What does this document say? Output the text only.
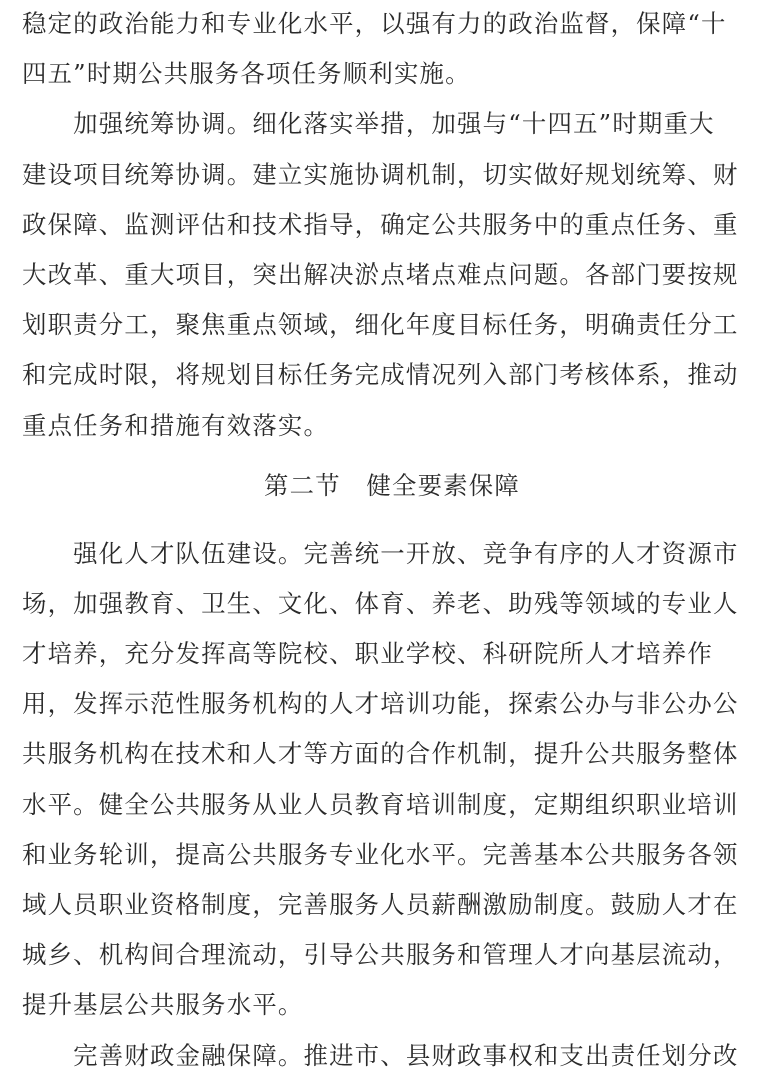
稳定的政治能力和专业化水平，以强有力的政治监督，保障“十
四五”时期公共服务各项任务顺利实施。
　　加强统筹协调。细化落实举措，加强与“十四五”时期重大
建设项目统筹协调。建立实施协调机制，切实做好规划统筹、财
政保障、监测评估和技术指导，确定公共服务中的重点任务、重
大改革、重大项目，突出解决淤点堵点难点问题。各部门要按规
划职责分工，聚焦重点领域，细化年度目标任务，明确责任分工
和完成时限，将规划目标任务完成情况列入部门考核体系，推动
重点任务和措施有效落实。
第二节　健全要素保障
　　强化人才队伍建设。完善统一开放、竞争有序的人才资源市
场，加强教育、卫生、文化、体育、养老、助残等领域的专业人
才培养，充分发挥高等院校、职业学校、科研院所人才培养作
用，发挥示范性服务机构的人才培训功能，探索公办与非公办公
共服务机构在技术和人才等方面的合作机制，提升公共服务整体
水平。健全公共服务从业人员教育培训制度，定期组织职业培训
和业务轮训，提高公共服务专业化水平。完善基本公共服务各领
域人员职业资格制度，完善服务人员薪酬激励制度。鼓励人才在
城乡、机构间合理流动，引导公共服务和管理人才向基层流动，
提升基层公共服务水平。
　　完善财政金融保障。推进市、县财政事权和支出责任划分改
